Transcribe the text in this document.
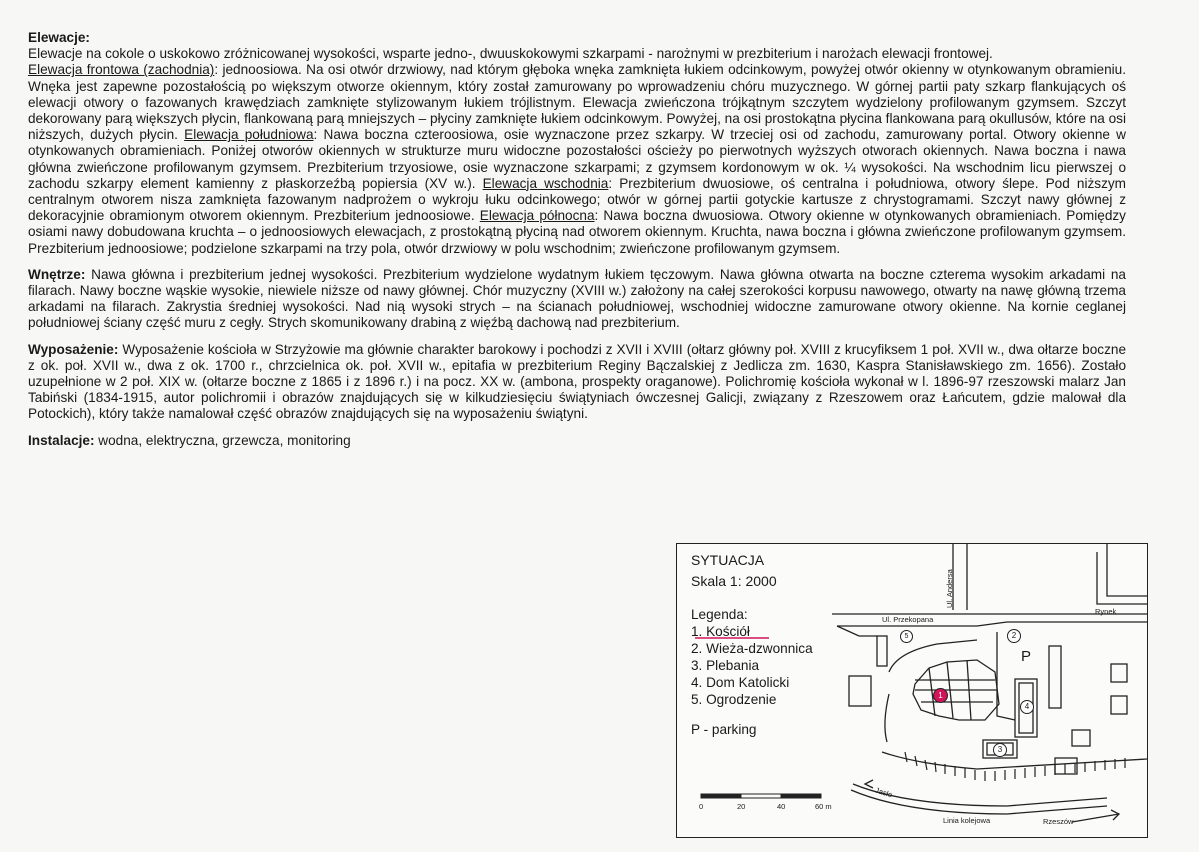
Elewacje:
Elewacje na cokole o uskokowo zróżnicowanej wysokości, wsparte jedno-, dwuuskokowymi szkarpami - narożnymi w prezbiterium i narożach elewacji frontowej.
Elewacja frontowa (zachodnia): jednoosiowa. Na osi otwór drzwiowy, nad którym głęboka wnęka zamknięta łukiem odcinkowym, powyżej otwór okienny w otynkowanym obramieniu. Wnęka jest zapewne pozostałością po większym otworze okiennym, który został zamurowany po wprowadzeniu chóru muzycznego. W górnej partii paty szkarp flankujących oś elewacji otwory o fazowanych krawędziach zamknięte stylizowanym łukiem trójlistnym. Elewacja zwieńczona trójkątnym szczytem wydzielony profilowanym gzymsem. Szczyt dekorowany parą większych płycin, flankowaną parą mniejszych – płyciny zamknięte łukiem odcinkowym. Powyżej, na osi prostokątna płycina flankowana parą okullusów, które na osi niższych, dużych płycin. Elewacja południowa: Nawa boczna czteroosiowa, osie wyznaczone przez szkarpy. W trzeciej osi od zachodu, zamurowany portal. Otwory okienne w otynkowanych obramieniach. Poniżej otworów okiennych w strukturze muru widoczne pozostałości ościeży po pierwotnych wyższych otworach okiennych. Nawa boczna i nawa główna zwieńczone profilowanym gzymsem. Prezbiterium trzyosiowe, osie wyznaczone szkarpami; z gzymsem kordonowym w ok. ¼ wysokości. Na wschodnim licu pierwszej o zachodu szkarpy element kamienny z płaskorzeźbą popiersia (XV w.). Elewacja wschodnia: Prezbiterium dwuosiowe, oś centralna i południowa, otwory ślepe. Pod niższym centralnym otworem nisza zamknięta fazowanym nadprożem o wykroju łuku odcinkowego; otwór w górnej partii gotyckie kartusze z chrystogramami. Szczyt nawy głównej z dekoracyjnie obramionym otworem okiennym. Prezbiterium jednoosiowe. Elewacja północna: Nawa boczna dwuosiowa. Otwory okienne w otynkowanych obramieniach. Pomiędzy osiami nawy dobudowana kruchta – o jednoosiowych elewacjach, z prostokątną płyciną nad otworem okiennym. Kruchta, nawa boczna i główna zwieńczone profilowanym gzymsem. Prezbiterium jednoosiowe; podzielone szkarpami na trzy pola, otwór drzwiowy w polu wschodnim; zwieńczone profilowanym gzymsem.
Wnętrze: Nawa główna i prezbiterium jednej wysokości. Prezbiterium wydzielone wydatnym łukiem tęczowym. Nawa główna otwarta na boczne czterema wysokim arkadami na filarach. Nawy boczne wąskie wysokie, niewiele niższe od nawy głównej. Chór muzyczny (XVIII w.) założony na całej szerokości korpusu nawowego, otwarty na nawę główną trzema arkadami na filarach. Zakrystia średniej wysokości. Nad nią wysoki strych – na ścianach południowej, wschodniej widoczne zamurowane otwory okienne. Na kornie ceglanej południowej ściany część muru z cegły. Strych skomunikowany drabiną z więźbą dachową nad prezbiterium.
Wyposażenie: Wyposażenie kościoła w Strzyżowie ma głównie charakter barokowy i pochodzi z XVII i XVIII (ołtarz główny poł. XVIII z krucyfiksem 1 poł. XVII w., dwa ołtarze boczne z ok. poł. XVII w., dwa z ok. 1700 r., chrzcielnica ok. poł. XVII w., epitafia w prezbiterium Reginy Bączalskiej z Jedlicza zm. 1630, Kaspra Stanisławskiego zm. 1656). Zostało uzupełnione w 2 poł. XIX w. (ołtarze boczne z 1865 i z 1896 r.) i na pocz. XX w. (ambona, prospekty oraganowe). Polichromię kościoła wykonał w l. 1896-97 rzeszowski malarz Jan Tabiński (1834-1915, autor polichromii i obrazów znajdujących się w kilkudziesięciu świątyniach ówczesnej Galicji, związany z Rzeszowem oraz Łańcutem, gdzie malował dla Potockich), który także namalował część obrazów znajdujących się na wyposażeniu świątyni.
Instalacje: wodna, elektryczna, grzewcza, monitoring
SYTUACJA
Skala 1: 2000
Legenda:
1. Kościół
2. Wieża-dzwonnica
3. Plebania
4. Dom Katolicki
5. Ogrodzenie
P - parking
Ul. Andersa
Ul. Przekopana
Rynek
Jasło
Linia kolejowa	Rzeszów
P
0	20	40	60 m
1
2
3
4
5
